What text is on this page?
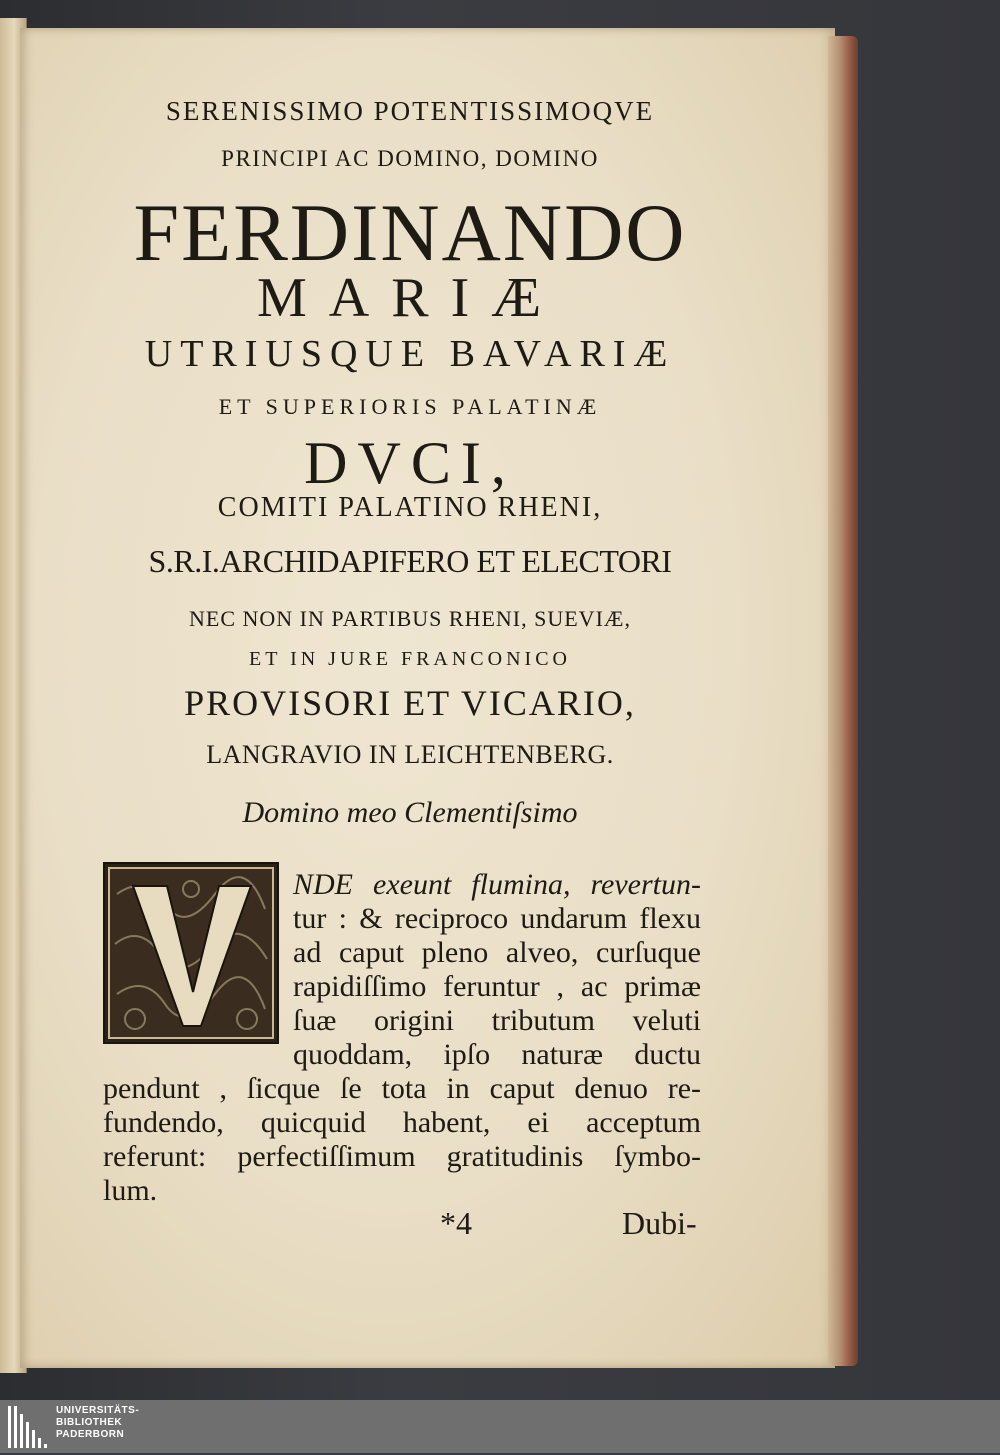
SERENISSIMO POTENTISSIMOQVE
PRINCIPI AC DOMINO, DOMINO
FERDINANDO
MARIÆ
UTRIUSQUE BAVARIÆ
ET SUPERIORIS PALATINÆ
DVCI,
COMITI PALATINO RHENI,
S.R.I.ARCHIDAPIFERO ET ELECTORI
NEC NON IN PARTIBUS RHENI, SUEVIÆ,
ET IN JURE FRANCONICO
PROVISORI ET VICARIO,
LANGRAVIO IN LEICHTENBERG.
Domino meo Clementiſsimo
V
NDE exeunt flumina, revertun-
tur : & reciproco undarum flexu
ad caput pleno alveo, curſuque
rapidiſſimo feruntur , ac primæ
ſuæ origini tributum veluti
quoddam, ipſo naturæ ductu
pendunt , ſicque ſe tota in caput denuo re-
fundendo, quicquid habent, ei acceptum
referunt: perfectiſſimum gratitudinis ſymbo-
lum.
*4	Dubi-
UNIVERSITÄTS-
BIBLIOTHEK
PADERBORN
